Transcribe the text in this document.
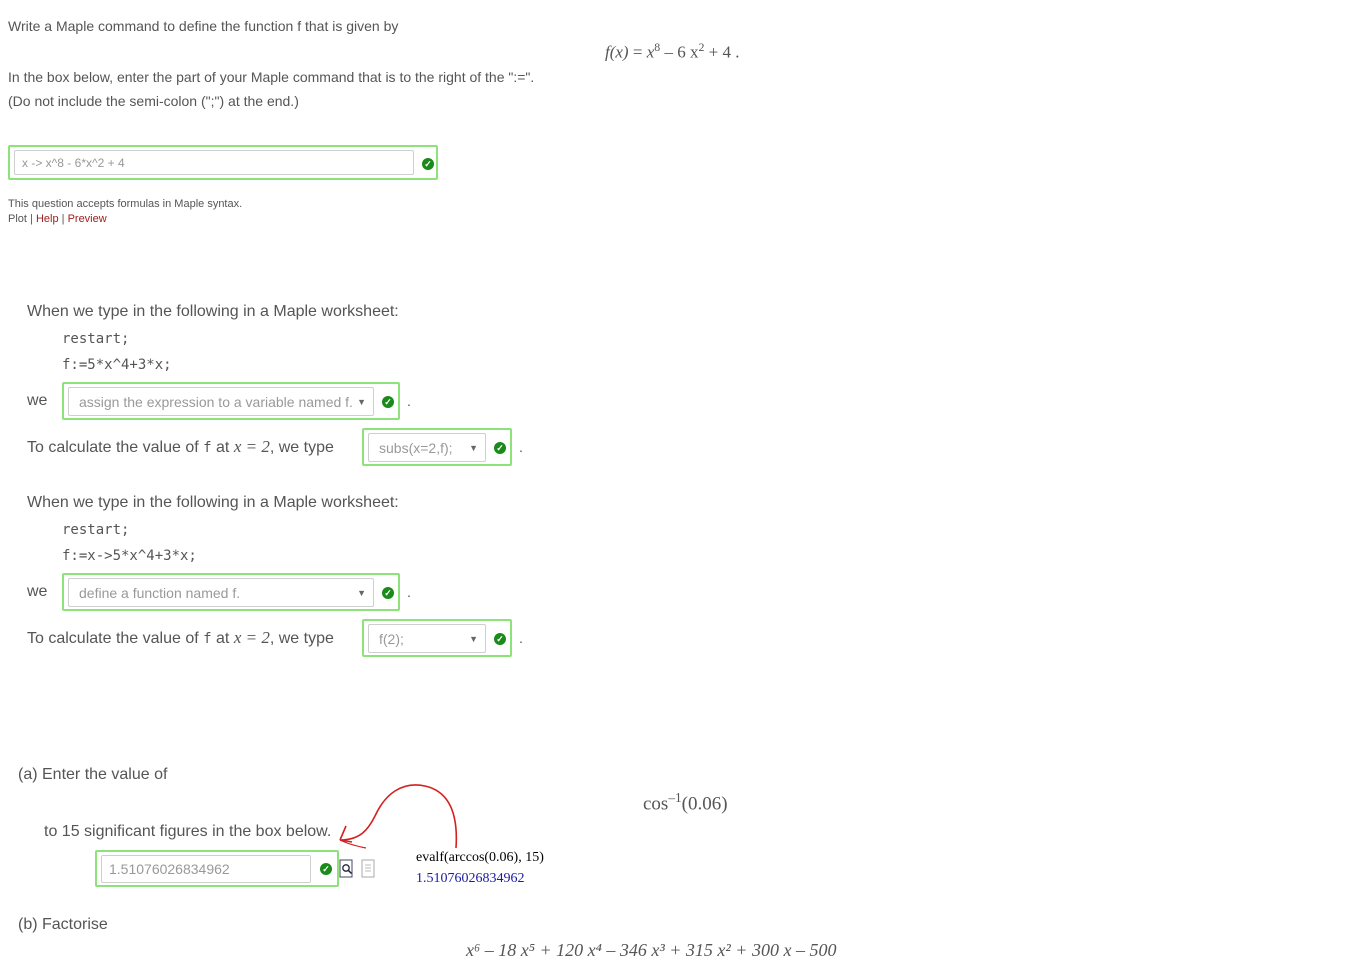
Write a Maple command to define the function f that is given by
$f(x) = x^8 - 6$ $x^2 + 4$ .
In the box below, enter the part of your Maple command that is to the right of the ":=".
(Do not include the semi-colon (";") at the end.)
x -> x^8 - 6*x^2 + 4	✓
This question accepts formulas in Maple syntax.
Plot | Help | Preview
When we type in the following in a Maple worksheet:
restart;
f:=5*x^4+3*x;
we assign the expression to a variable named f. ▼ ✓ .
To calculate the value of f at x = 2, we type	subs(x=2,f); ▼ ✓ .
When we type in the following in a Maple worksheet:
restart;
f:=x->5*x^4+3*x;
we define a function named f.	▼ ✓ .
To calculate the value of f at x = 2, we type	f(2);	▼ ✓ .
(a) Enter the value of
$\cos^{-1}(0.06)$
to 15 significant figures in the box below.
1.51076026834962	✓
evalf(arccos(0.06), 15)
1.51076026834962
(b) Factorise
x⁶ – 18 x⁵ + 120 x⁴ – 346 x³ + 315 x² + 300 x – 500
